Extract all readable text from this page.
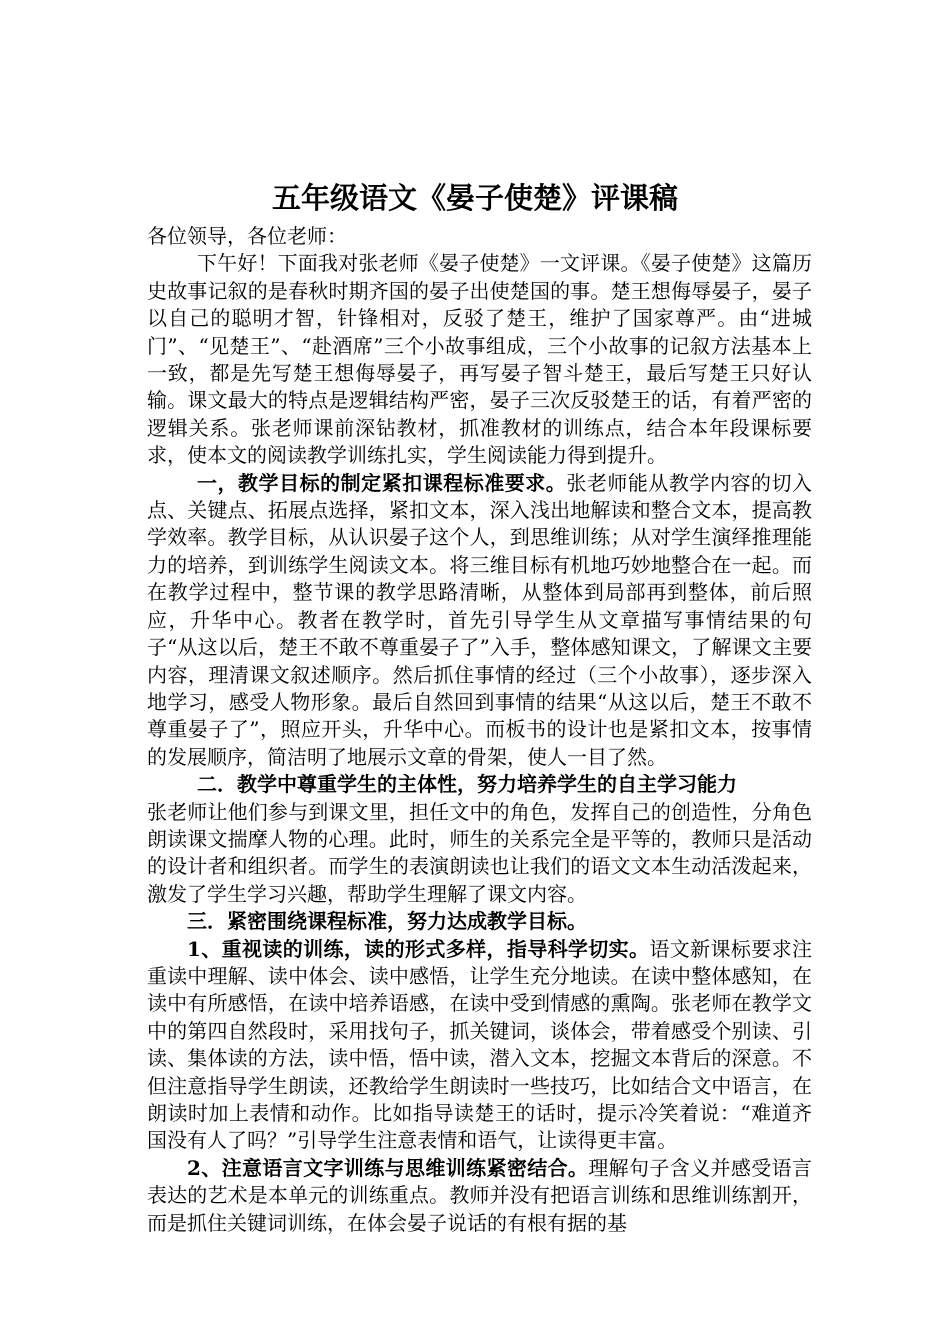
五年级语文《晏子使楚》评课稿

各位领导，各位老师：

下午好！下面我对张老师《晏子使楚》一文评课。《晏子使楚》这篇历史故事记叙的是春秋时期齐国的晏子出使楚国的事。楚王想侮辱晏子，晏子以自己的聪明才智，针锋相对，反驳了楚王，维护了国家尊严。由“进城门”、“见楚王”、“赴酒席”三个小故事组成，三个小故事的记叙方法基本上一致，都是先写楚王想侮辱晏子，再写晏子智斗楚王，最后写楚王只好认输。课文最大的特点是逻辑结构严密，晏子三次反驳楚王的话，有着严密的逻辑关系。张老师课前深钻教材，抓准教材的训练点，结合本年段课标要求，使本文的阅读教学训练扎实，学生阅读能力得到提升。

一，教学目标的制定紧扣课程标准要求。张老师能从教学内容的切入点、关键点、拓展点选择，紧扣文本，深入浅出地解读和整合文本，提高教学效率。教学目标，从认识晏子这个人，到思维训练；从对学生演绎推理能力的培养，到训练学生阅读文本。将三维目标有机地巧妙地整合在一起。而在教学过程中，整节课的教学思路清晰，从整体到局部再到整体，前后照应，升华中心。教者在教学时，首先引导学生从文章描写事情结果的句子“从这以后，楚王不敢不尊重晏子了”入手，整体感知课文，了解课文主要内容，理清课文叙述顺序。然后抓住事情的经过（三个小故事），逐步深入地学习，感受人物形象。最后自然回到事情的结果“从这以后，楚王不敢不尊重晏子了”，照应开头，升华中心。而板书的设计也是紧扣文本，按事情的发展顺序，简洁明了地展示文章的骨架，使人一目了然。

二．教学中尊重学生的主体性，努力培养学生的自主学习能力

张老师让他们参与到课文里，担任文中的角色，发挥自己的创造性，分角色朗读课文揣摩人物的心理。此时，师生的关系完全是平等的，教师只是活动的设计者和组织者。而学生的表演朗读也让我们的语文文本生动活泼起来，激发了学生学习兴趣，帮助学生理解了课文内容。

三．紧密围绕课程标准，努力达成教学目标。

1、重视读的训练，读的形式多样，指导科学切实。语文新课标要求注重读中理解、读中体会、读中感悟，让学生充分地读。在读中整体感知，在读中有所感悟，在读中培养语感，在读中受到情感的熏陶。张老师在教学文中的第四自然段时，采用找句子，抓关键词，谈体会，带着感受个别读、引读、集体读的方法，读中悟，悟中读，潜入文本，挖掘文本背后的深意。不但注意指导学生朗读，还教给学生朗读时一些技巧，比如结合文中语言，在朗读时加上表情和动作。比如指导读楚王的话时，提示冷笑着说：“难道齐国没有人了吗？”引导学生注意表情和语气，让读得更丰富。

2、注意语言文字训练与思维训练紧密结合。理解句子含义并感受语言表达的艺术是本单元的训练重点。教师并没有把语言训练和思维训练割开，而是抓住关键词训练，在体会晏子说话的有根有据的基
